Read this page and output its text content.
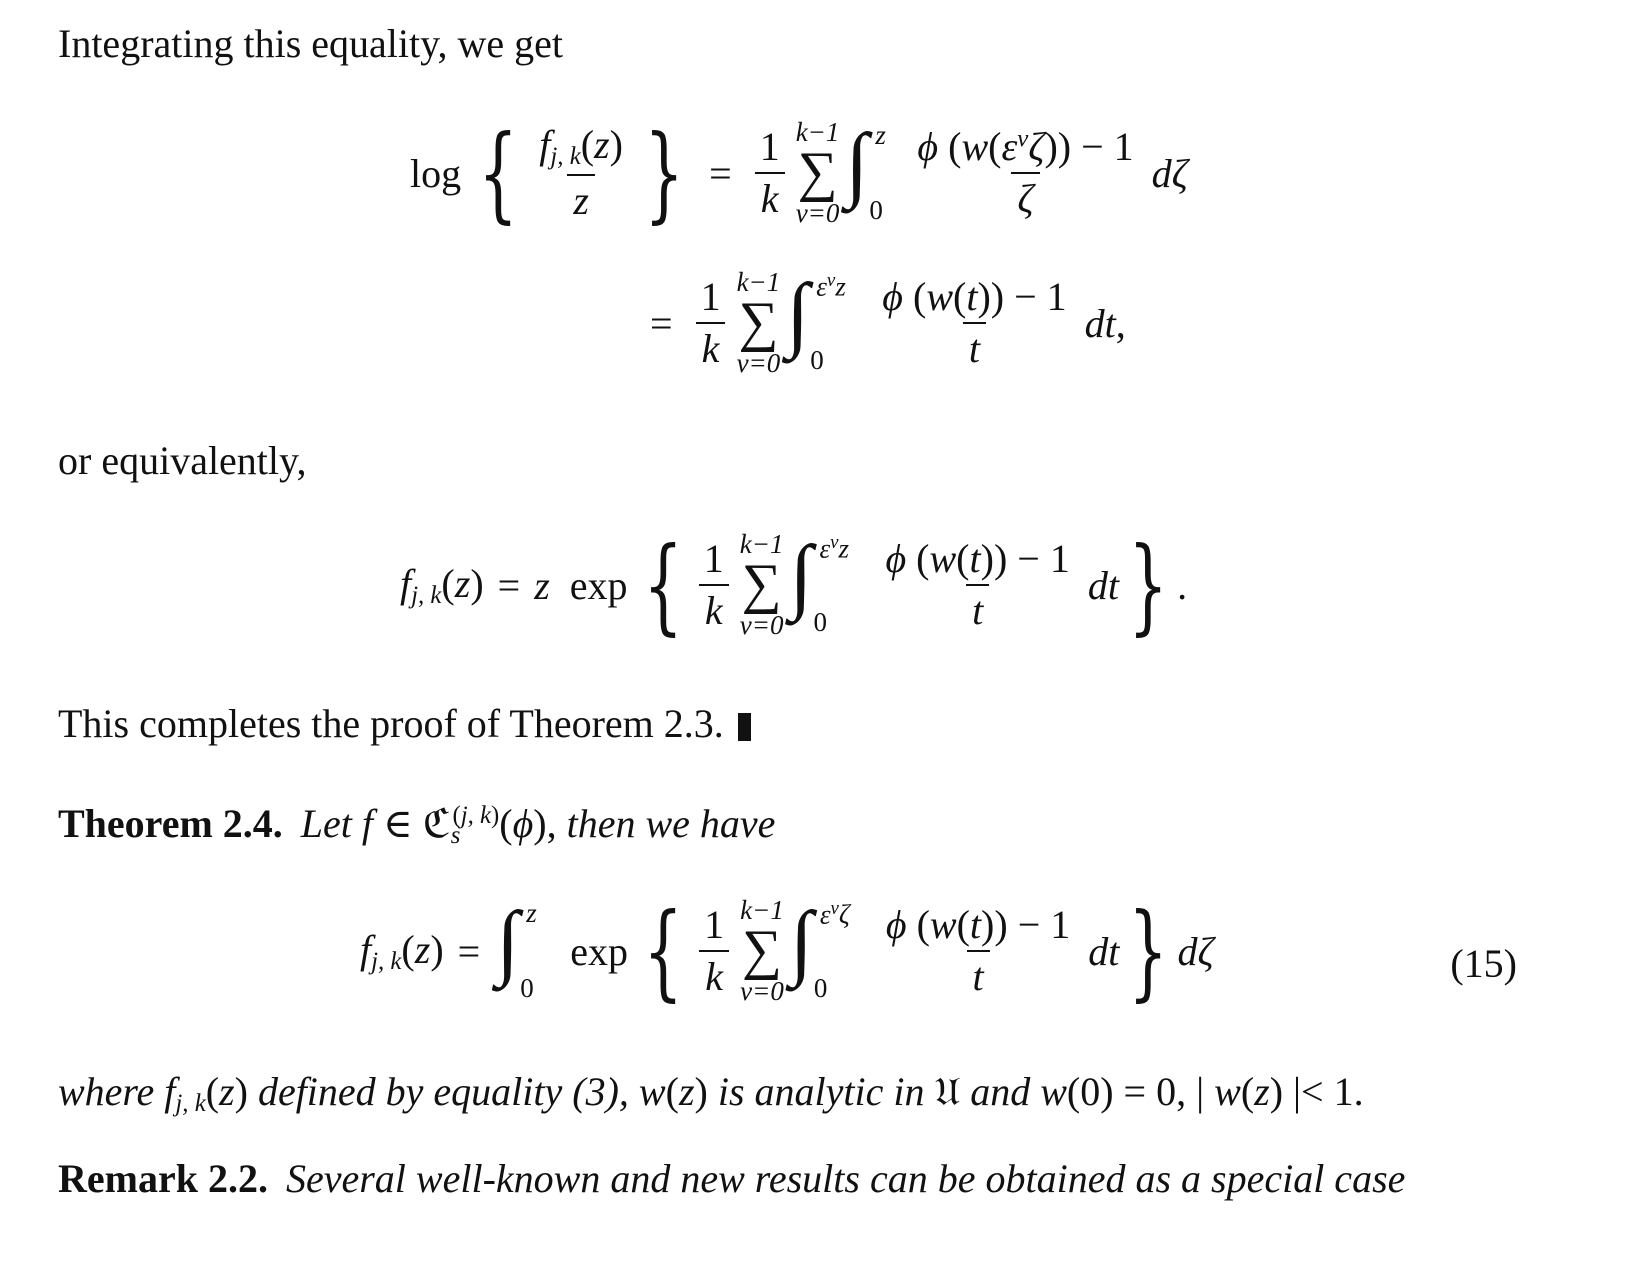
Integrating this equality, we get
log { $\frac{f_{j, k}(z)}{z}$ } = $\frac{1}{k} k-1$
∑
ν=0
∫ z
$0 \frac{\phi (w(\varepsilon^\nu\zeta)) - 1}{\zeta}$ dζ
= $\frac{1}{k} k-1$
∑
ν=0
∫ $\varepsilon^\nu z$
$0 \frac{\phi (w(t)) - 1}{t}$ dt,
or equivalently,
$f_{j, k}(z) = z$  exp { $\frac{1}{k} k-1$
∑
ν=0
∫ $\varepsilon^\nu z$
$0 \frac{\phi (w(t)) - 1}{t}$ dt } .
This completes the proof of Theorem 2.3.
Theorem 2.4. Let f ∈ ℭ$_s^{(j, k)}$(ϕ), then we have
$f_{j, k}(z)$ = ∫ z
0
exp { $\frac{1}{k} k-1$
∑
ν=0
∫ $\varepsilon^\nu\zeta$
$0 \frac{\phi (w(t)) - 1}{t}$ dt } dζ	(15)
where $f_{j, k}(z)$ defined by equality (3), w(z) is analytic in 𝔘 and w(0) = 0, | w(z) |< 1.
Remark 2.2. Several well-known and new results can be obtained as a special case
